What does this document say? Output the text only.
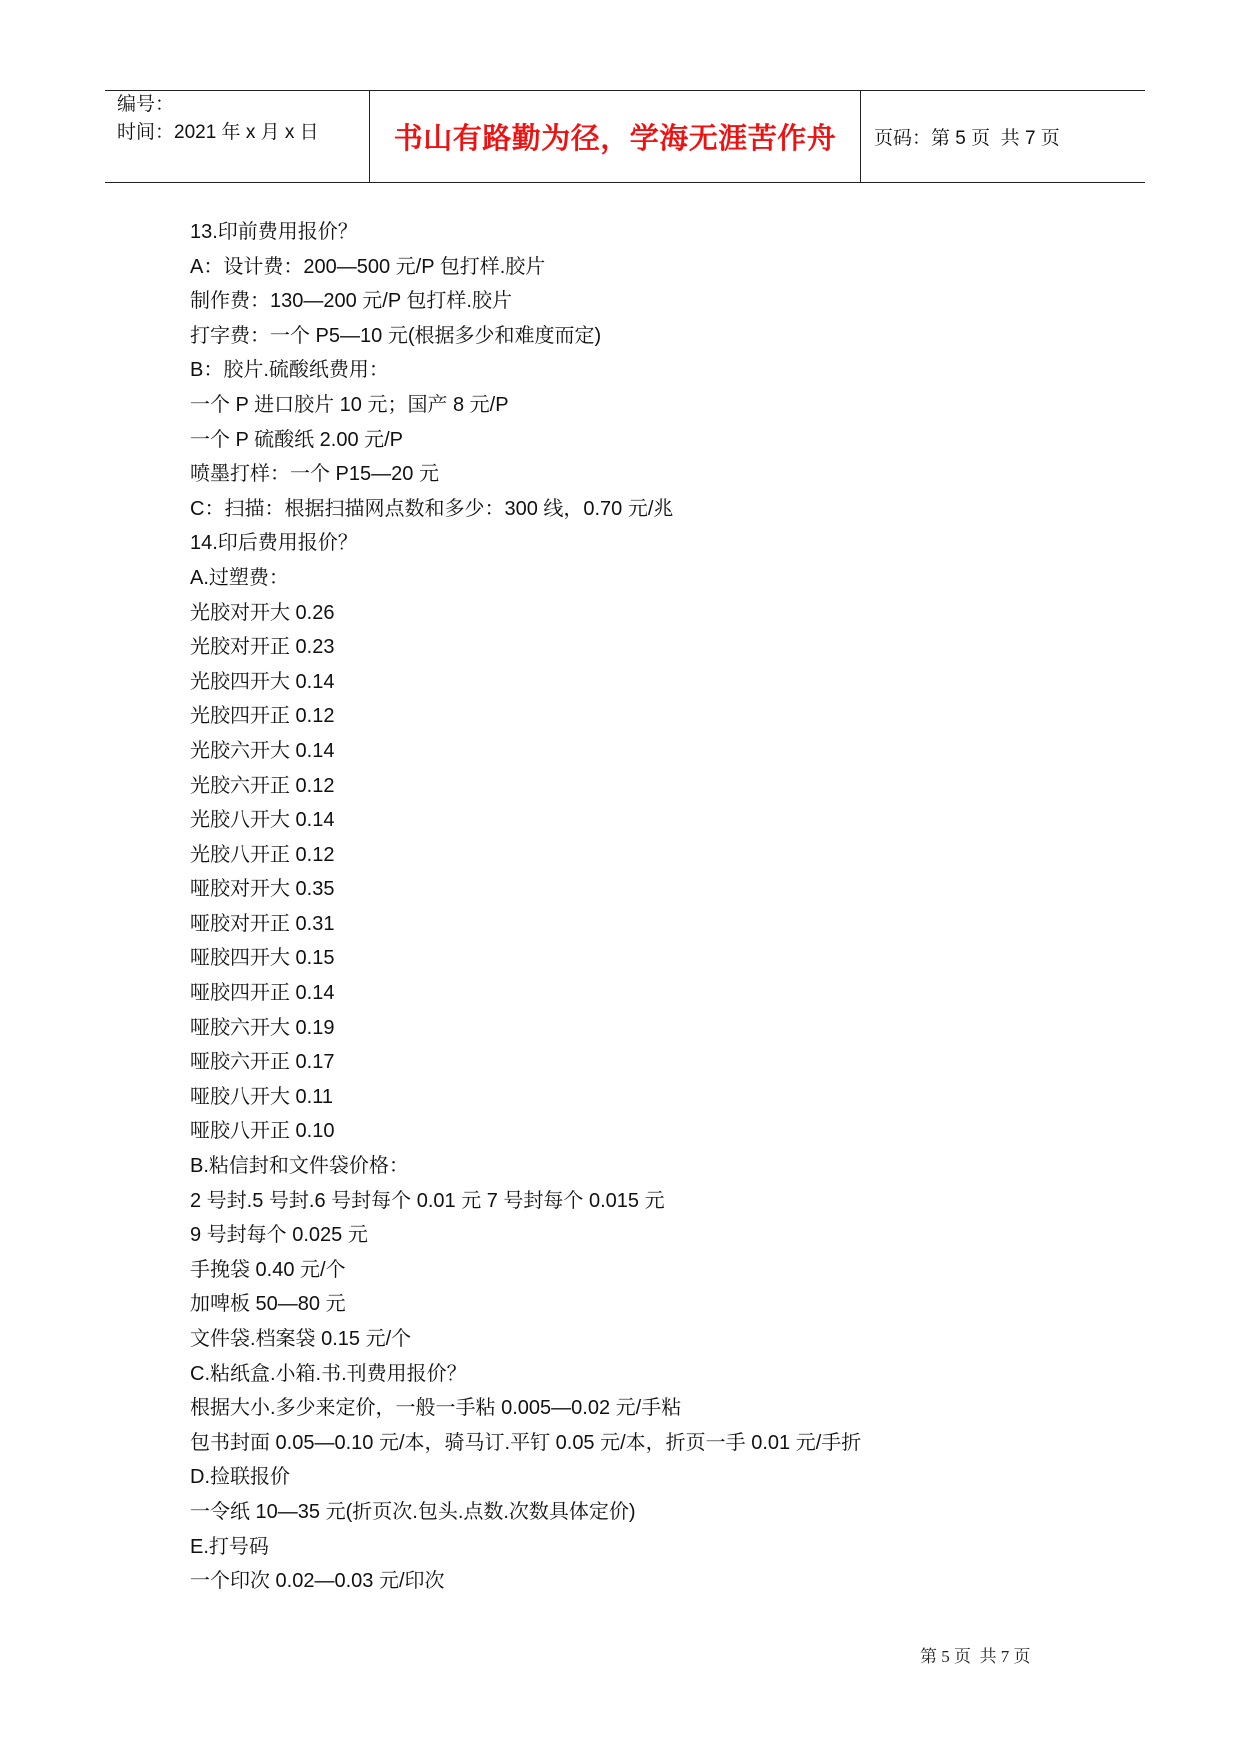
编号：
时间：2021 年 x 月 x 日	书山有路勤为径，学海无涯苦作舟 页码：第 5 页  共 7 页
13.印前费用报价？
A：设计费：200—500 元/P 包打样.胶片
制作费：130—200 元/P 包打样.胶片
打字费：一个 P5—10 元(根据多少和难度而定)
B：胶片.硫酸纸费用：
一个 P 进口胶片 10 元；国产 8 元/P
一个 P 硫酸纸 2.00 元/P
喷墨打样：一个 P15—20 元
C：扫描：根据扫描网点数和多少：300 线，0.70 元/兆
14.印后费用报价？
A.过塑费：
光胶对开大 0.26
光胶对开正 0.23
光胶四开大 0.14
光胶四开正 0.12
光胶六开大 0.14
光胶六开正 0.12
光胶八开大 0.14
光胶八开正 0.12
哑胶对开大 0.35
哑胶对开正 0.31
哑胶四开大 0.15
哑胶四开正 0.14
哑胶六开大 0.19
哑胶六开正 0.17
哑胶八开大 0.11
哑胶八开正 0.10
B.粘信封和文件袋价格：
2 号封.5 号封.6 号封每个 0.01 元 7 号封每个 0.015 元
9 号封每个 0.025 元
手挽袋 0.40 元/个
加啤板 50—80 元
文件袋.档案袋 0.15 元/个
C.粘纸盒.小箱.书.刊费用报价？
根据大小.多少来定价，一般一手粘 0.005—0.02 元/手粘
包书封面 0.05—0.10 元/本，骑马订.平钉 0.05 元/本，折页一手 0.01 元/手折
D.捡联报价
一令纸 10—35 元(折页次.包头.点数.次数具体定价)
E.打号码
一个印次 0.02—0.03 元/印次
第 5 页  共 7 页
